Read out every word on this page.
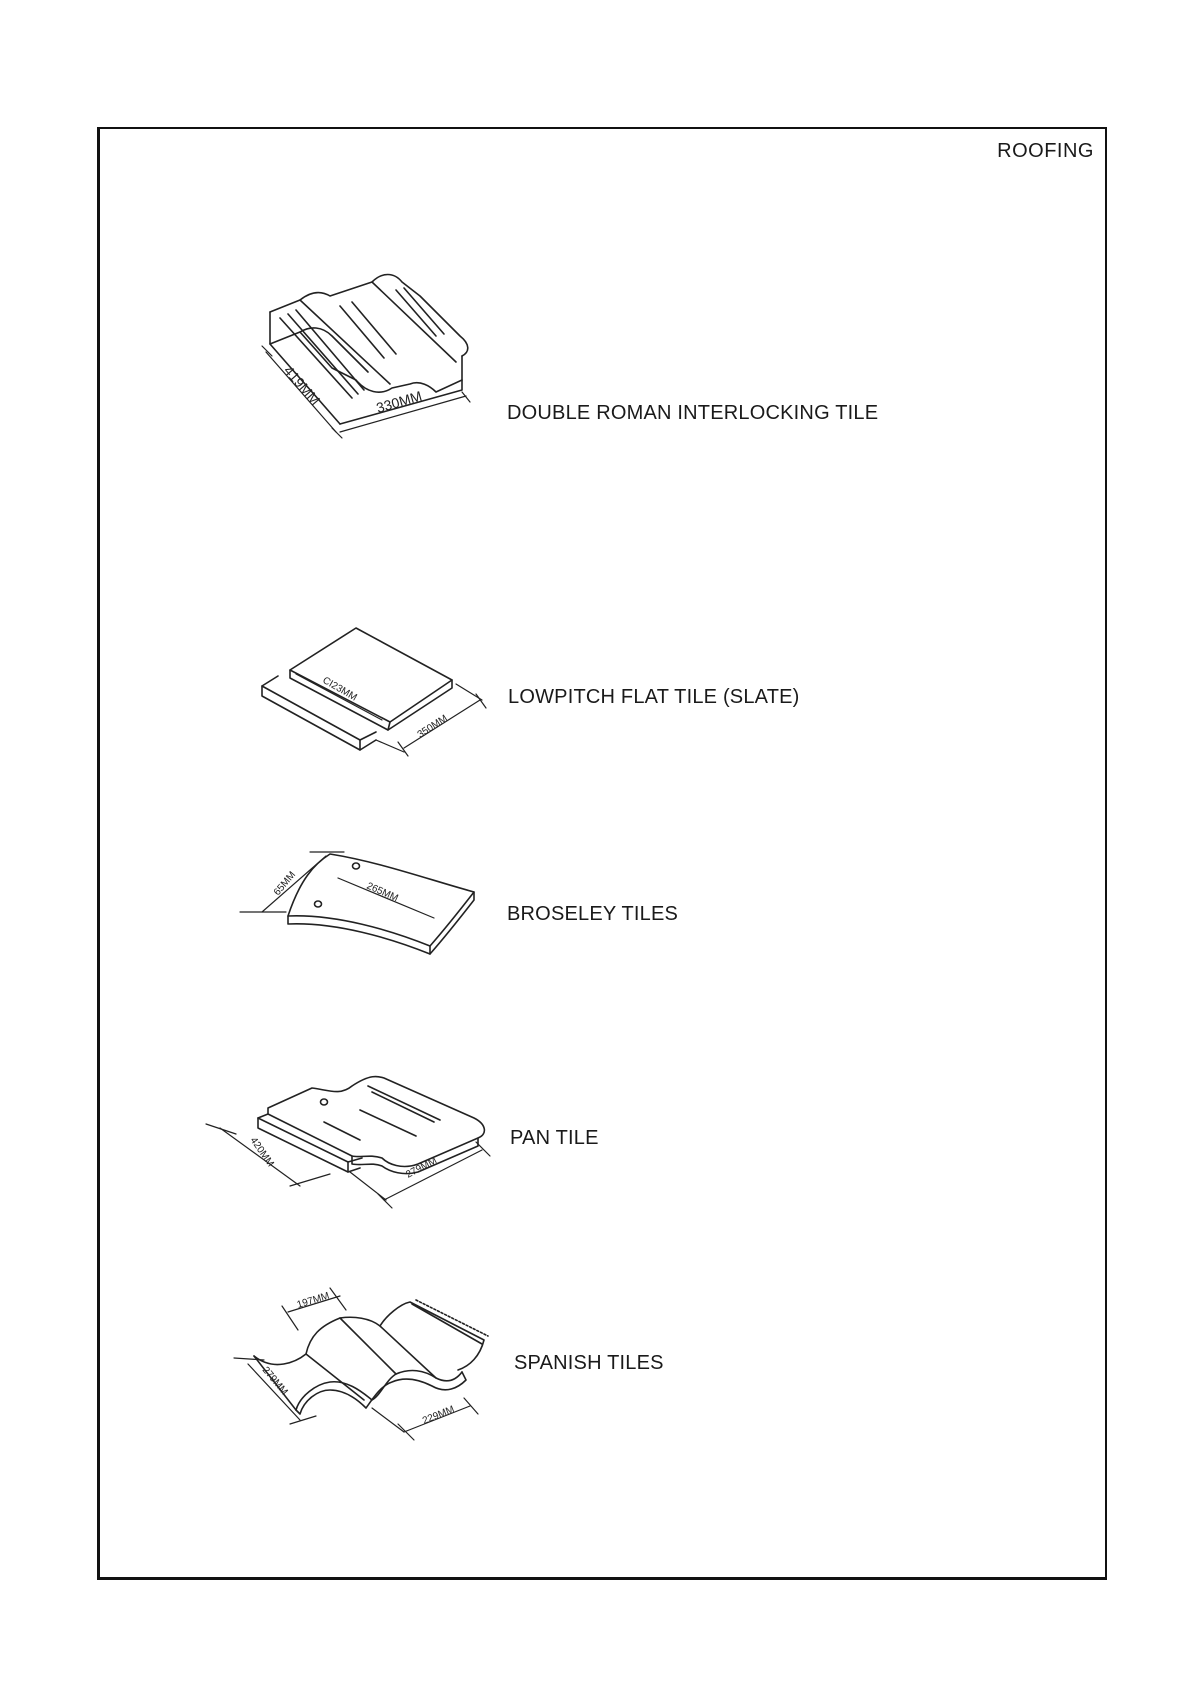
ROOFING
419MM	330MM
CI23MM
350MM
65MM	265MM
420MM	279MM
197MM
279MM
229MM
DOUBLE ROMAN INTERLOCKING TILE
LOWPITCH FLAT TILE (SLATE)
BROSELEY TILES
PAN TILE
SPANISH TILES
